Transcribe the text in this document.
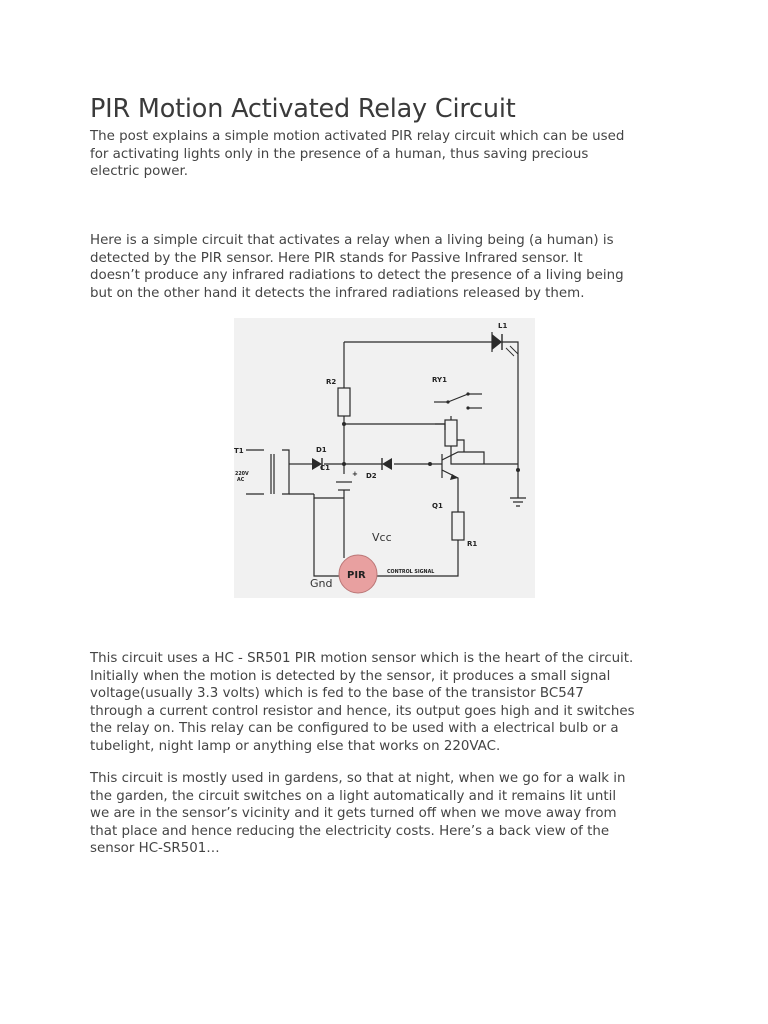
PIR Motion Activated Relay Circuit

The post explains a simple motion activated PIR relay circuit which can be used
for activating lights only in the presence of a human, thus saving precious
electric power.

Here is a simple circuit that activates a relay when a living being (a human) is
detected by the PIR sensor. Here PIR stands for Passive Infrared sensor. It
doesn’t produce any infrared radiations to detect the presence of a living being
but on the other hand it detects the infrared radiations released by them.

L1
R2	RY1
T1
220V
AC
D1
C1
D2
+
Q1
R1
Vcc
Gnd
PIR	CONTROL SIGNAL

This circuit uses a HC - SR501 PIR motion sensor which is the heart of the circuit.
Initially when the motion is detected by the sensor, it produces a small signal
voltage(usually 3.3 volts) which is fed to the base of the transistor BC547
through a current control resistor and hence, its output goes high and it switches
the relay on. This relay can be configured to be used with a electrical bulb or a
tubelight, night lamp or anything else that works on 220VAC.

This circuit is mostly used in gardens, so that at night, when we go for a walk in
the garden, the circuit switches on a light automatically and it remains lit until
we are in the sensor’s vicinity and it gets turned off when we move away from
that place and hence reducing the electricity costs. Here’s a back view of the
sensor HC-SR501…
